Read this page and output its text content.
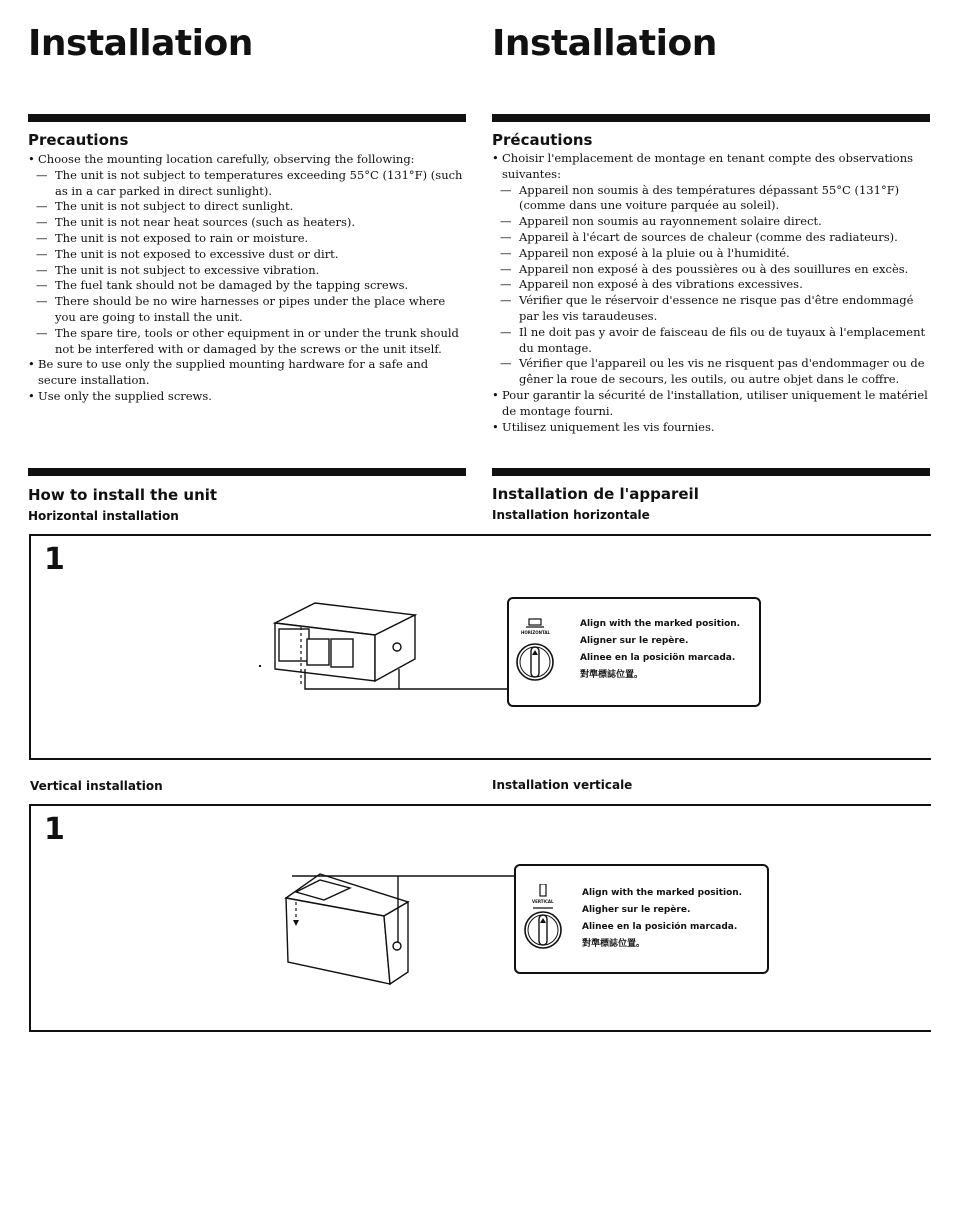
Installation	Installation
Precautions
• Choose the mounting location carefully, observing the following:
— The unit is not subject to temperatures exceeding 55°C (131°F) (such as in a car parked in direct sunlight).
— The unit is not subject to direct sunlight.
— The unit is not near heat sources (such as heaters).
— The unit is not exposed to rain or moisture.
— The unit is not exposed to excessive dust or dirt.
— The unit is not subject to excessive vibration.
— The fuel tank should not be damaged by the tapping screws.
— There should be no wire harnesses or pipes under the place where you are going to install the unit.
— The spare tire, tools or other equipment in or under the trunk should not be interfered with or damaged by the screws or the unit itself.
• Be sure to use only the supplied mounting hardware for a safe and secure installation.
• Use only the supplied screws.
Précautions
• Choisir l'emplacement de montage en tenant compte des observations suivantes:
— Appareil non soumis à des températures dépassant 55°C (131°F) (comme dans une voiture parquée au soleil).
— Appareil non soumis au rayonnement solaire direct.
— Appareil à l'écart de sources de chaleur (comme des radiateurs).
— Appareil non exposé à la pluie ou à l'humidité.
— Appareil non exposé à des poussières ou à des souillures en excès.
— Appareil non exposé à des vibrations excessives.
— Vérifier que le réservoir d'essence ne risque pas d'être endommagé par les vis taraudeuses.
— Il ne doit pas y avoir de faisceau de fils ou de tuyaux à l'emplacement du montage.
— Vérifier que l'appareil ou les vis ne risquent pas d'endommager ou de gêner la roue de secours, les outils, ou autre objet dans le coffre.
• Pour garantir la sécurité de l'installation, utiliser uniquement le matériel de montage fourni.
• Utilisez uniquement les vis fournies.
How to install the unit	Installation de l'appareil
Horizontal installation	Installation horizontale
1
HORIZONTAL
Align with the marked position.
Aligner sur le repère.
Alinee en la posiciön marcada.
對準標誌位置。
Vertical installation	Installation verticale
1
VERTICAL
Align with the marked position.
Aligher sur le repère.
Alinee en la posición marcada.
對準標誌位置。
